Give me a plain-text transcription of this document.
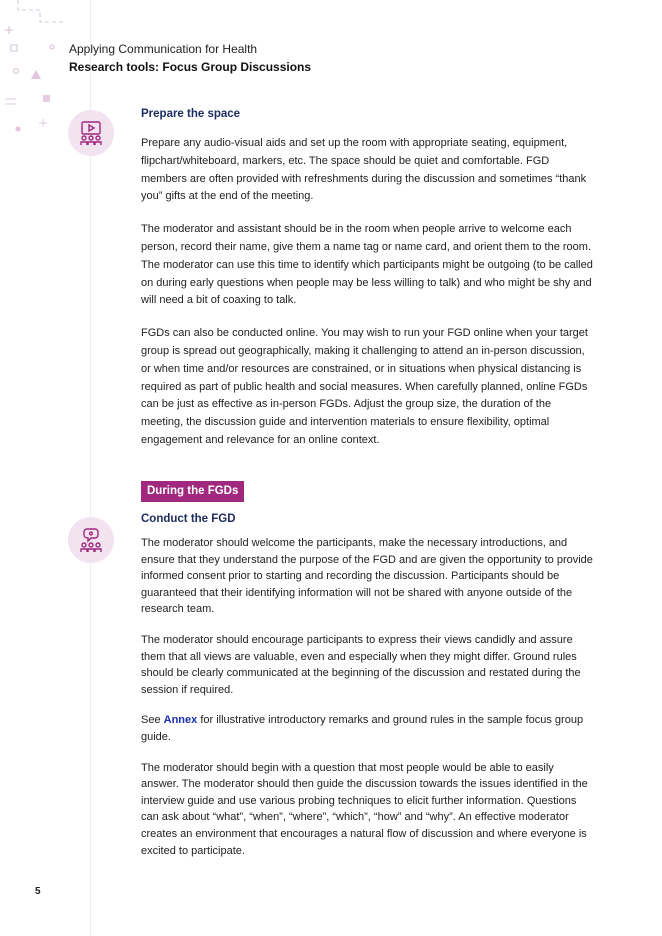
Applying Communication for Health
Research tools: Focus Group Discussions
Prepare the space

Prepare any audio-visual aids and set up the room with appropriate seating, equipment, flipchart/whiteboard, markers, etc. The space should be quiet and comfortable. FGD members are often provided with refreshments during the discussion and sometimes “thank you” gifts at the end of the meeting.

The moderator and assistant should be in the room when people arrive to welcome each person, record their name, give them a name tag or name card, and orient them to the room. The moderator can use this time to identify which participants might be outgoing (to be called on during early questions when people may be less willing to talk) and who might be shy and will need a bit of coaxing to talk.

FGDs can also be conducted online. You may wish to run your FGD online when your target group is spread out geographically, making it challenging to attend an in-person discussion, or when time and/or resources are constrained, or in situations when physical distancing is required as part of public health and social measures. When carefully planned, online FGDs can be just as effective as in-person FGDs. Adjust the group size, the duration of the meeting, the discussion guide and intervention materials to ensure flexibility, optimal engagement and relevance for an online context.

During the FGDs
Conduct the FGD

The moderator should welcome the participants, make the necessary introductions, and ensure that they understand the purpose of the FGD and are given the opportunity to provide informed consent prior to starting and recording the discussion. Participants should be guaranteed that their identifying information will not be shared with anyone outside of the research team.

The moderator should encourage participants to express their views candidly and assure them that all views are valuable, even and especially when they might differ. Ground rules should be clearly communicated at the beginning of the discussion and restated during the session if required.

See Annex for illustrative introductory remarks and ground rules in the sample focus group guide.

The moderator should begin with a question that most people would be able to easily answer. The moderator should then guide the discussion towards the issues identified in the interview guide and use various probing techniques to elicit further information. Questions can ask about “what”, “when”, “where”, “which”, “how” and “why”. An effective moderator creates an environment that encourages a natural flow of discussion and where everyone is excited to participate.

5
